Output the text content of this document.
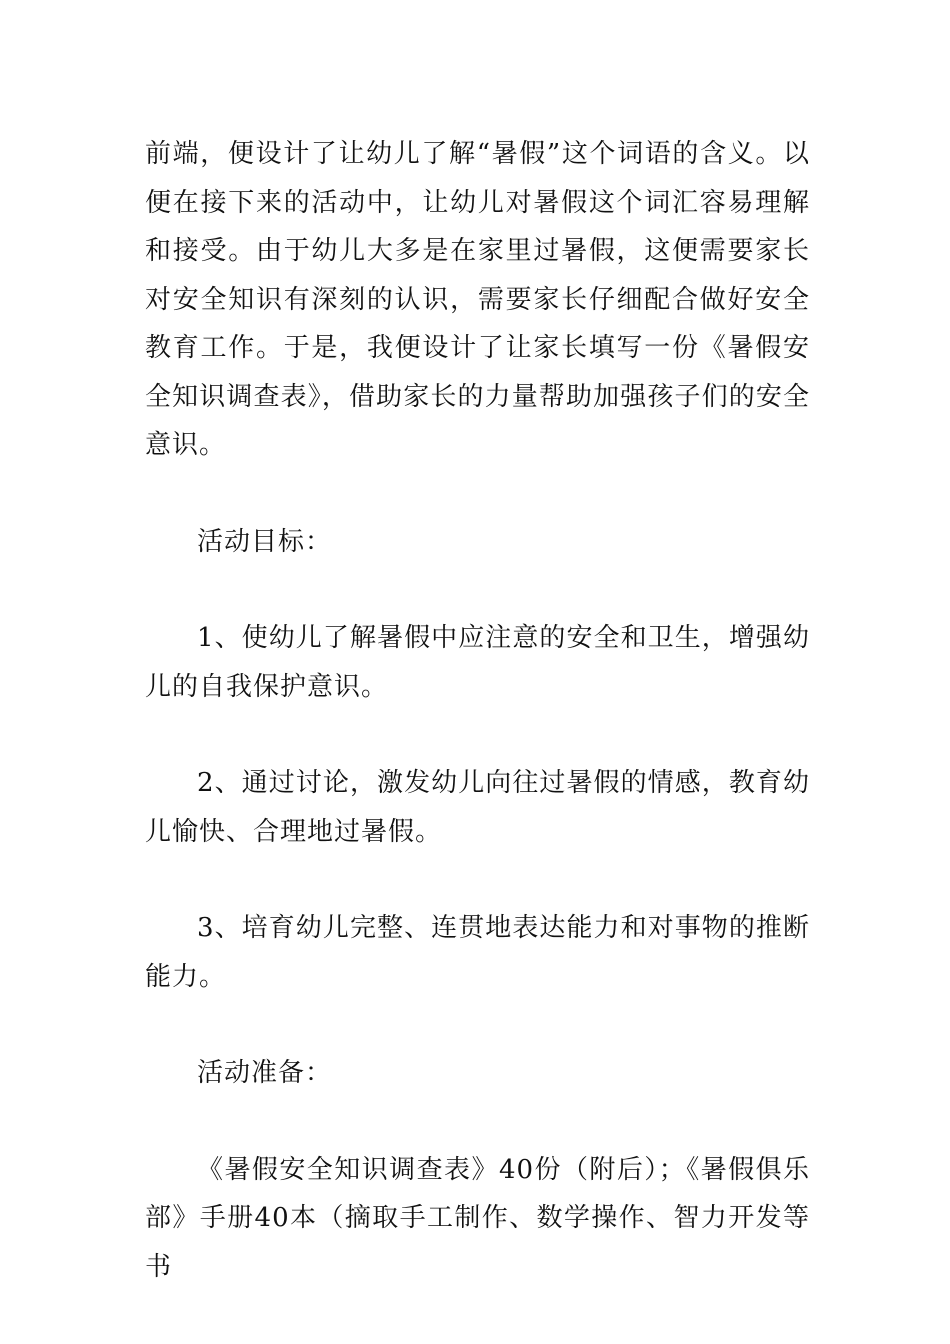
前端，便设计了让幼儿了解“暑假”这个词语的含义。以便在接下来的活动中，让幼儿对暑假这个词汇容易理解和接受。由于幼儿大多是在家里过暑假，这便需要家长对安全知识有深刻的认识，需要家长仔细配合做好安全教育工作。于是，我便设计了让家长填写一份《暑假安全知识调查表》，借助家长的力量帮助加强孩子们的安全意识。

活动目标：

1、使幼儿了解暑假中应注意的安全和卫生，增强幼儿的自我保护意识。

2、通过讨论，激发幼儿向往过暑假的情感，教育幼儿愉快、合理地过暑假。

3、培育幼儿完整、连贯地表达能力和对事物的推断能力。

活动准备：

《暑假安全知识调查表》40份（附后）；《暑假俱乐部》手册40本（摘取手工制作、数学操作、智力开发等书
